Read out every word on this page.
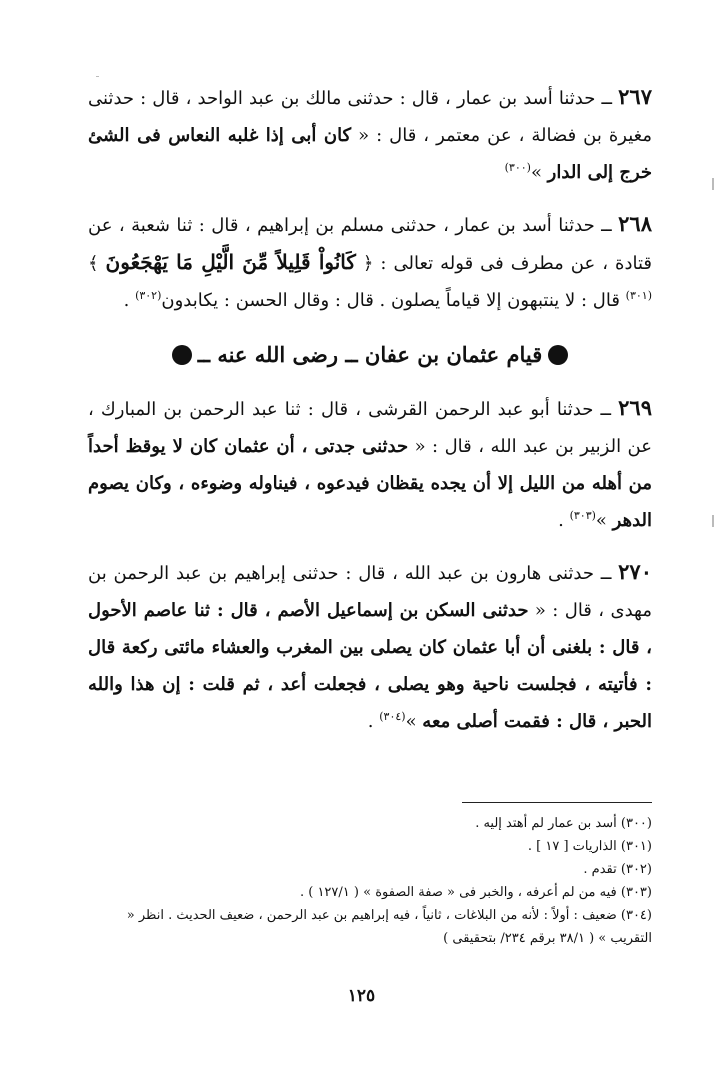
٢٦٧ ــ حدثنا أسد بن عمار ، قال : حدثنى مالك بن عبد الواحد ، قال : حدثنى مغيرة بن فضالة ، عن معتمر ، قال : « كان أبى إذا غلبه النعاس فى الشئ خرج إلى الدار »$^{(٣٠٠)}$

٢٦٨ ــ حدثنا أسد بن عمار ، حدثنى مسلم بن إبراهيم ، قال : ثنا شعبة ، عن قتادة ، عن مطرف فى قوله تعالى : ﴿ كَانُواْ قَلِيلاً مِّنَ الَّيْلِ مَا يَهْجَعُونَ ﴾$^{(٣٠١)}$ قال : لا ينتبهون إلا قياماً يصلون . قال : وقال الحسن : يكابدون$^{(٣٠٢)}$ .

قيام عثمان بن عفان ــ رضى الله عنه ــ

٢٦٩ ــ حدثنا أبو عبد الرحمن القرشى ، قال : ثنا عبد الرحمن بن المبارك ، عن الزبير بن عبد الله ، قال : « حدثنى جدتى ، أن عثمان كان لا يوقظ أحداً من أهله من الليل إلا أن يجده يقظان فيدعوه ، فيناوله وضوءه ، وكان يصوم الدهر »$^{(٣٠٣)}$ .

٢٧٠ ــ حدثنى هارون بن عبد الله ، قال : حدثنى إبراهيم بن عبد الرحمن بن مهدى ، قال : « حدثنى السكن بن إسماعيل الأصم ، قال : ثنا عاصم الأحول ، قال : بلغنى أن أبا عثمان كان يصلى بين المغرب والعشاء مائتى ركعة قال : فأتيته ، فجلست ناحية وهو يصلى ، فجعلت أعد ، ثم قلت : إن هذا والله الحبر ، قال : فقمت أصلى معه »$^{(٣٠٤)}$ .

(٣٠٠) أسد بن عمار لم أهتد إليه .
(٣٠١) الذاريات [ ١٧ ] .
(٣٠٢) تقدم .
(٣٠٣) فيه من لم أعرفه ، والخبر فى « صفة الصفوة » ( ١٢٧/١ ) .
(٣٠٤) ضعيف : أولاً : لأنه من البلاغات ، ثانياً ، فيه إبراهيم بن عبد الرحمن ، ضعيف الحديث . انظر « التقريب » ( ٣٨/١ برقم ٢٣٤/ بتحقيقى )
١٢٥
